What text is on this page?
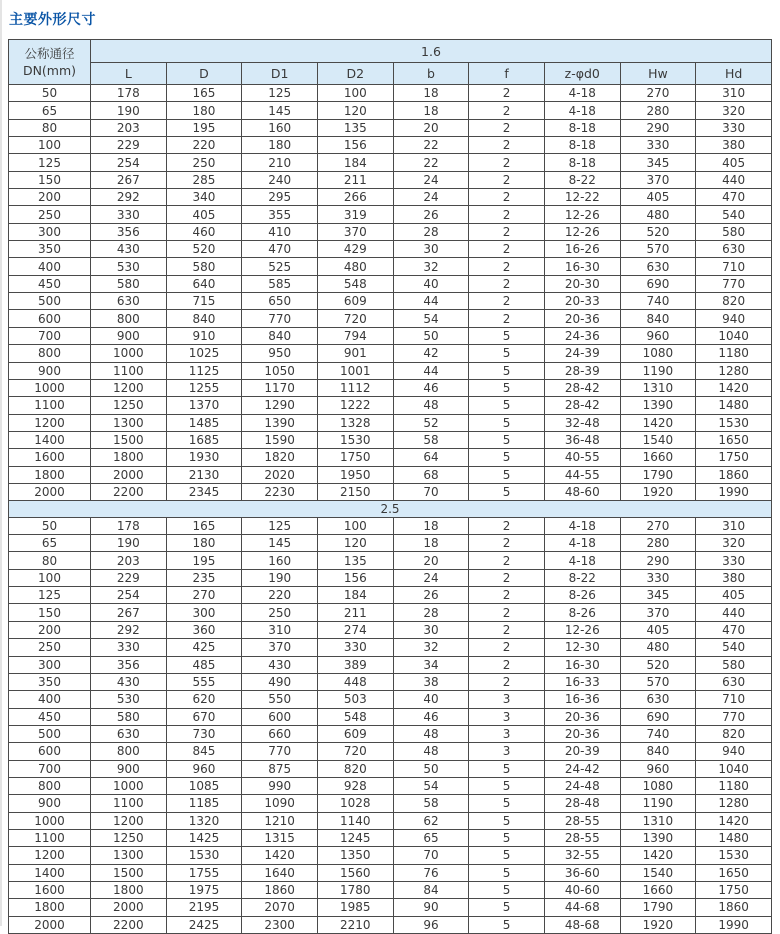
主要外形尺寸
公称通径
DN(mm)	1.6								
	L	D	D1	D2	b	f	z-φd0	Hw	Hd
50	178	165	125	100	18	2	4-18	270	310
65	190	180	145	120	18	2	4-18	280	320
80	203	195	160	135	20	2	8-18	290	330
100	229	220	180	156	22	2	8-18	330	380
125	254	250	210	184	22	2	8-18	345	405
150	267	285	240	211	24	2	8-22	370	440
200	292	340	295	266	24	2	12-22	405	470
250	330	405	355	319	26	2	12-26	480	540
300	356	460	410	370	28	2	12-26	520	580
350	430	520	470	429	30	2	16-26	570	630
400	530	580	525	480	32	2	16-30	630	710
450	580	640	585	548	40	2	20-30	690	770
500	630	715	650	609	44	2	20-33	740	820
600	800	840	770	720	54	2	20-36	840	940
700	900	910	840	794	50	5	24-36	960	1040
800	1000	1025	950	901	42	5	24-39	1080	1180
900	1100	1125	1050	1001	44	5	28-39	1190	1280
1000	1200	1255	1170	1112	46	5	28-42	1310	1420
1100	1250	1370	1290	1222	48	5	28-42	1390	1480
1200	1300	1485	1390	1328	52	5	32-48	1420	1530
1400	1500	1685	1590	1530	58	5	36-48	1540	1650
1600	1800	1930	1820	1750	64	5	40-55	1660	1750
1800	2000	2130	2020	1950	68	5	44-55	1790	1860
2000	2200	2345	2230	2150	70	5	48-60	1920	1990
2.5									
50	178	165	125	100	18	2	4-18	270	310
65	190	180	145	120	18	2	4-18	280	320
80	203	195	160	135	20	2	4-18	290	330
100	229	235	190	156	24	2	8-22	330	380
125	254	270	220	184	26	2	8-26	345	405
150	267	300	250	211	28	2	8-26	370	440
200	292	360	310	274	30	2	12-26	405	470
250	330	425	370	330	32	2	12-30	480	540
300	356	485	430	389	34	2	16-30	520	580
350	430	555	490	448	38	2	16-33	570	630
400	530	620	550	503	40	3	16-36	630	710
450	580	670	600	548	46	3	20-36	690	770
500	630	730	660	609	48	3	20-36	740	820
600	800	845	770	720	48	3	20-39	840	940
700	900	960	875	820	50	5	24-42	960	1040
800	1000	1085	990	928	54	5	24-48	1080	1180
900	1100	1185	1090	1028	58	5	28-48	1190	1280
1000	1200	1320	1210	1140	62	5	28-55	1310	1420
1100	1250	1425	1315	1245	65	5	28-55	1390	1480
1200	1300	1530	1420	1350	70	5	32-55	1420	1530
1400	1500	1755	1640	1560	76	5	36-60	1540	1650
1600	1800	1975	1860	1780	84	5	40-60	1660	1750
1800	2000	2195	2070	1985	90	5	44-68	1790	1860
2000	2200	2425	2300	2210	96	5	48-68	1920	1990
